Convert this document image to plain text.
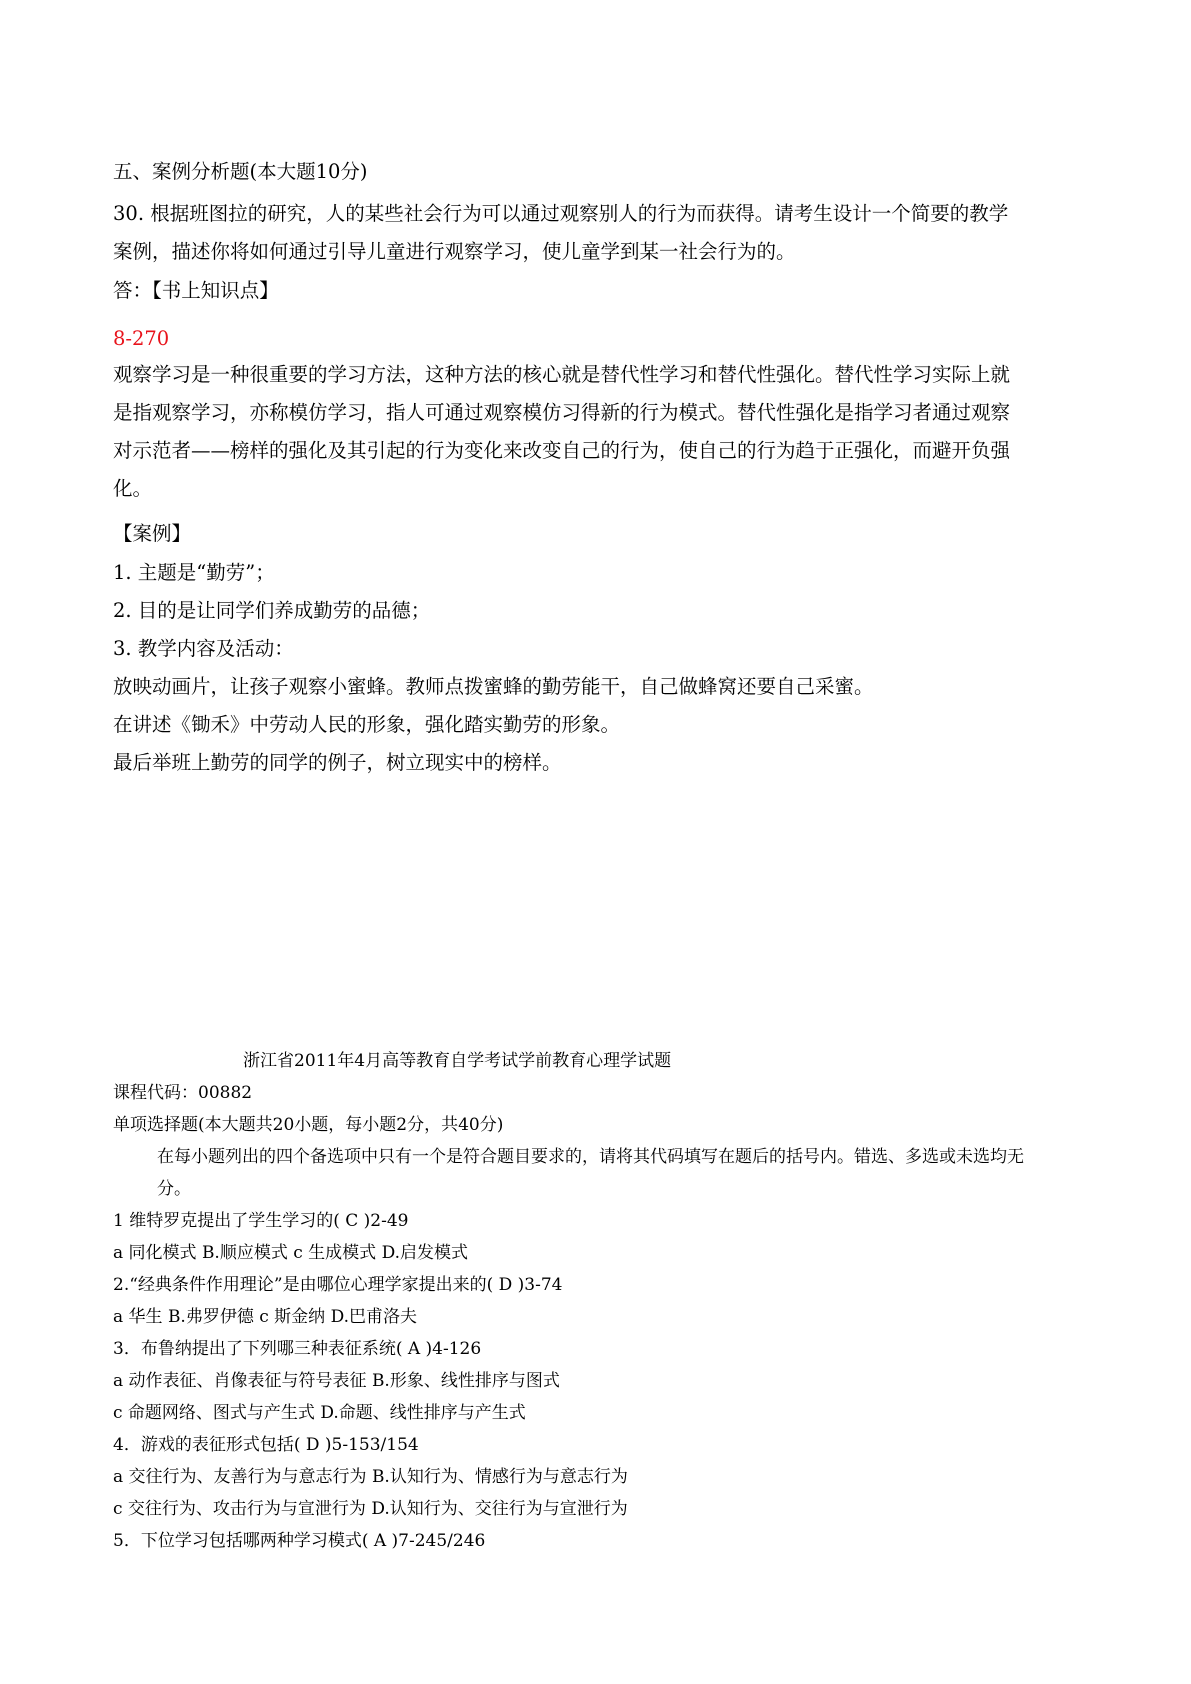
五、案例分析题(本大题10分)
30. 根据班图拉的研究，人的某些社会行为可以通过观察别人的行为而获得。请考生设计一个简要的教学
案例，描述你将如何通过引导儿童进行观察学习，使儿童学到某一社会行为的。
答：【书上知识点】
8-270
观察学习是一种很重要的学习方法，这种方法的核心就是替代性学习和替代性强化。替代性学习实际上就
是指观察学习，亦称模仿学习，指人可通过观察模仿习得新的行为模式。替代性强化是指学习者通过观察
对示范者——榜样的强化及其引起的行为变化来改变自己的行为，使自己的行为趋于正强化，而避开负强
化。
【案例】
1. 主题是“勤劳”；
2. 目的是让同学们养成勤劳的品德；
3. 教学内容及活动：
放映动画片，让孩子观察小蜜蜂。教师点拨蜜蜂的勤劳能干，自己做蜂窝还要自己采蜜。
在讲述《锄禾》中劳动人民的形象，强化踏实勤劳的形象。
最后举班上勤劳的同学的例子，树立现实中的榜样。
浙江省2011年4月高等教育自学考试学前教育心理学试题
课程代码：00882
单项选择题(本大题共20小题，每小题2分，共40分)
在每小题列出的四个备选项中只有一个是符合题目要求的，请将其代码填写在题后的括号内。错选、多选或未选均无
分。
1 维特罗克提出了学生学习的( C )2-49
a 同化模式 B.顺应模式 c 生成模式 D.启发模式
2.“经典条件作用理论”是由哪位心理学家提出来的( D )3-74
a 华生 B.弗罗伊德 c 斯金纳 D.巴甫洛夫
3．布鲁纳提出了下列哪三种表征系统( A )4-126
a 动作表征、肖像表征与符号表征 B.形象、线性排序与图式
c 命题网络、图式与产生式 D.命题、线性排序与产生式
4．游戏的表征形式包括( D )5-153/154
a 交往行为、友善行为与意志行为 B.认知行为、情感行为与意志行为
c 交往行为、攻击行为与宣泄行为 D.认知行为、交往行为与宣泄行为
5．下位学习包括哪两种学习模式( A )7-245/246
